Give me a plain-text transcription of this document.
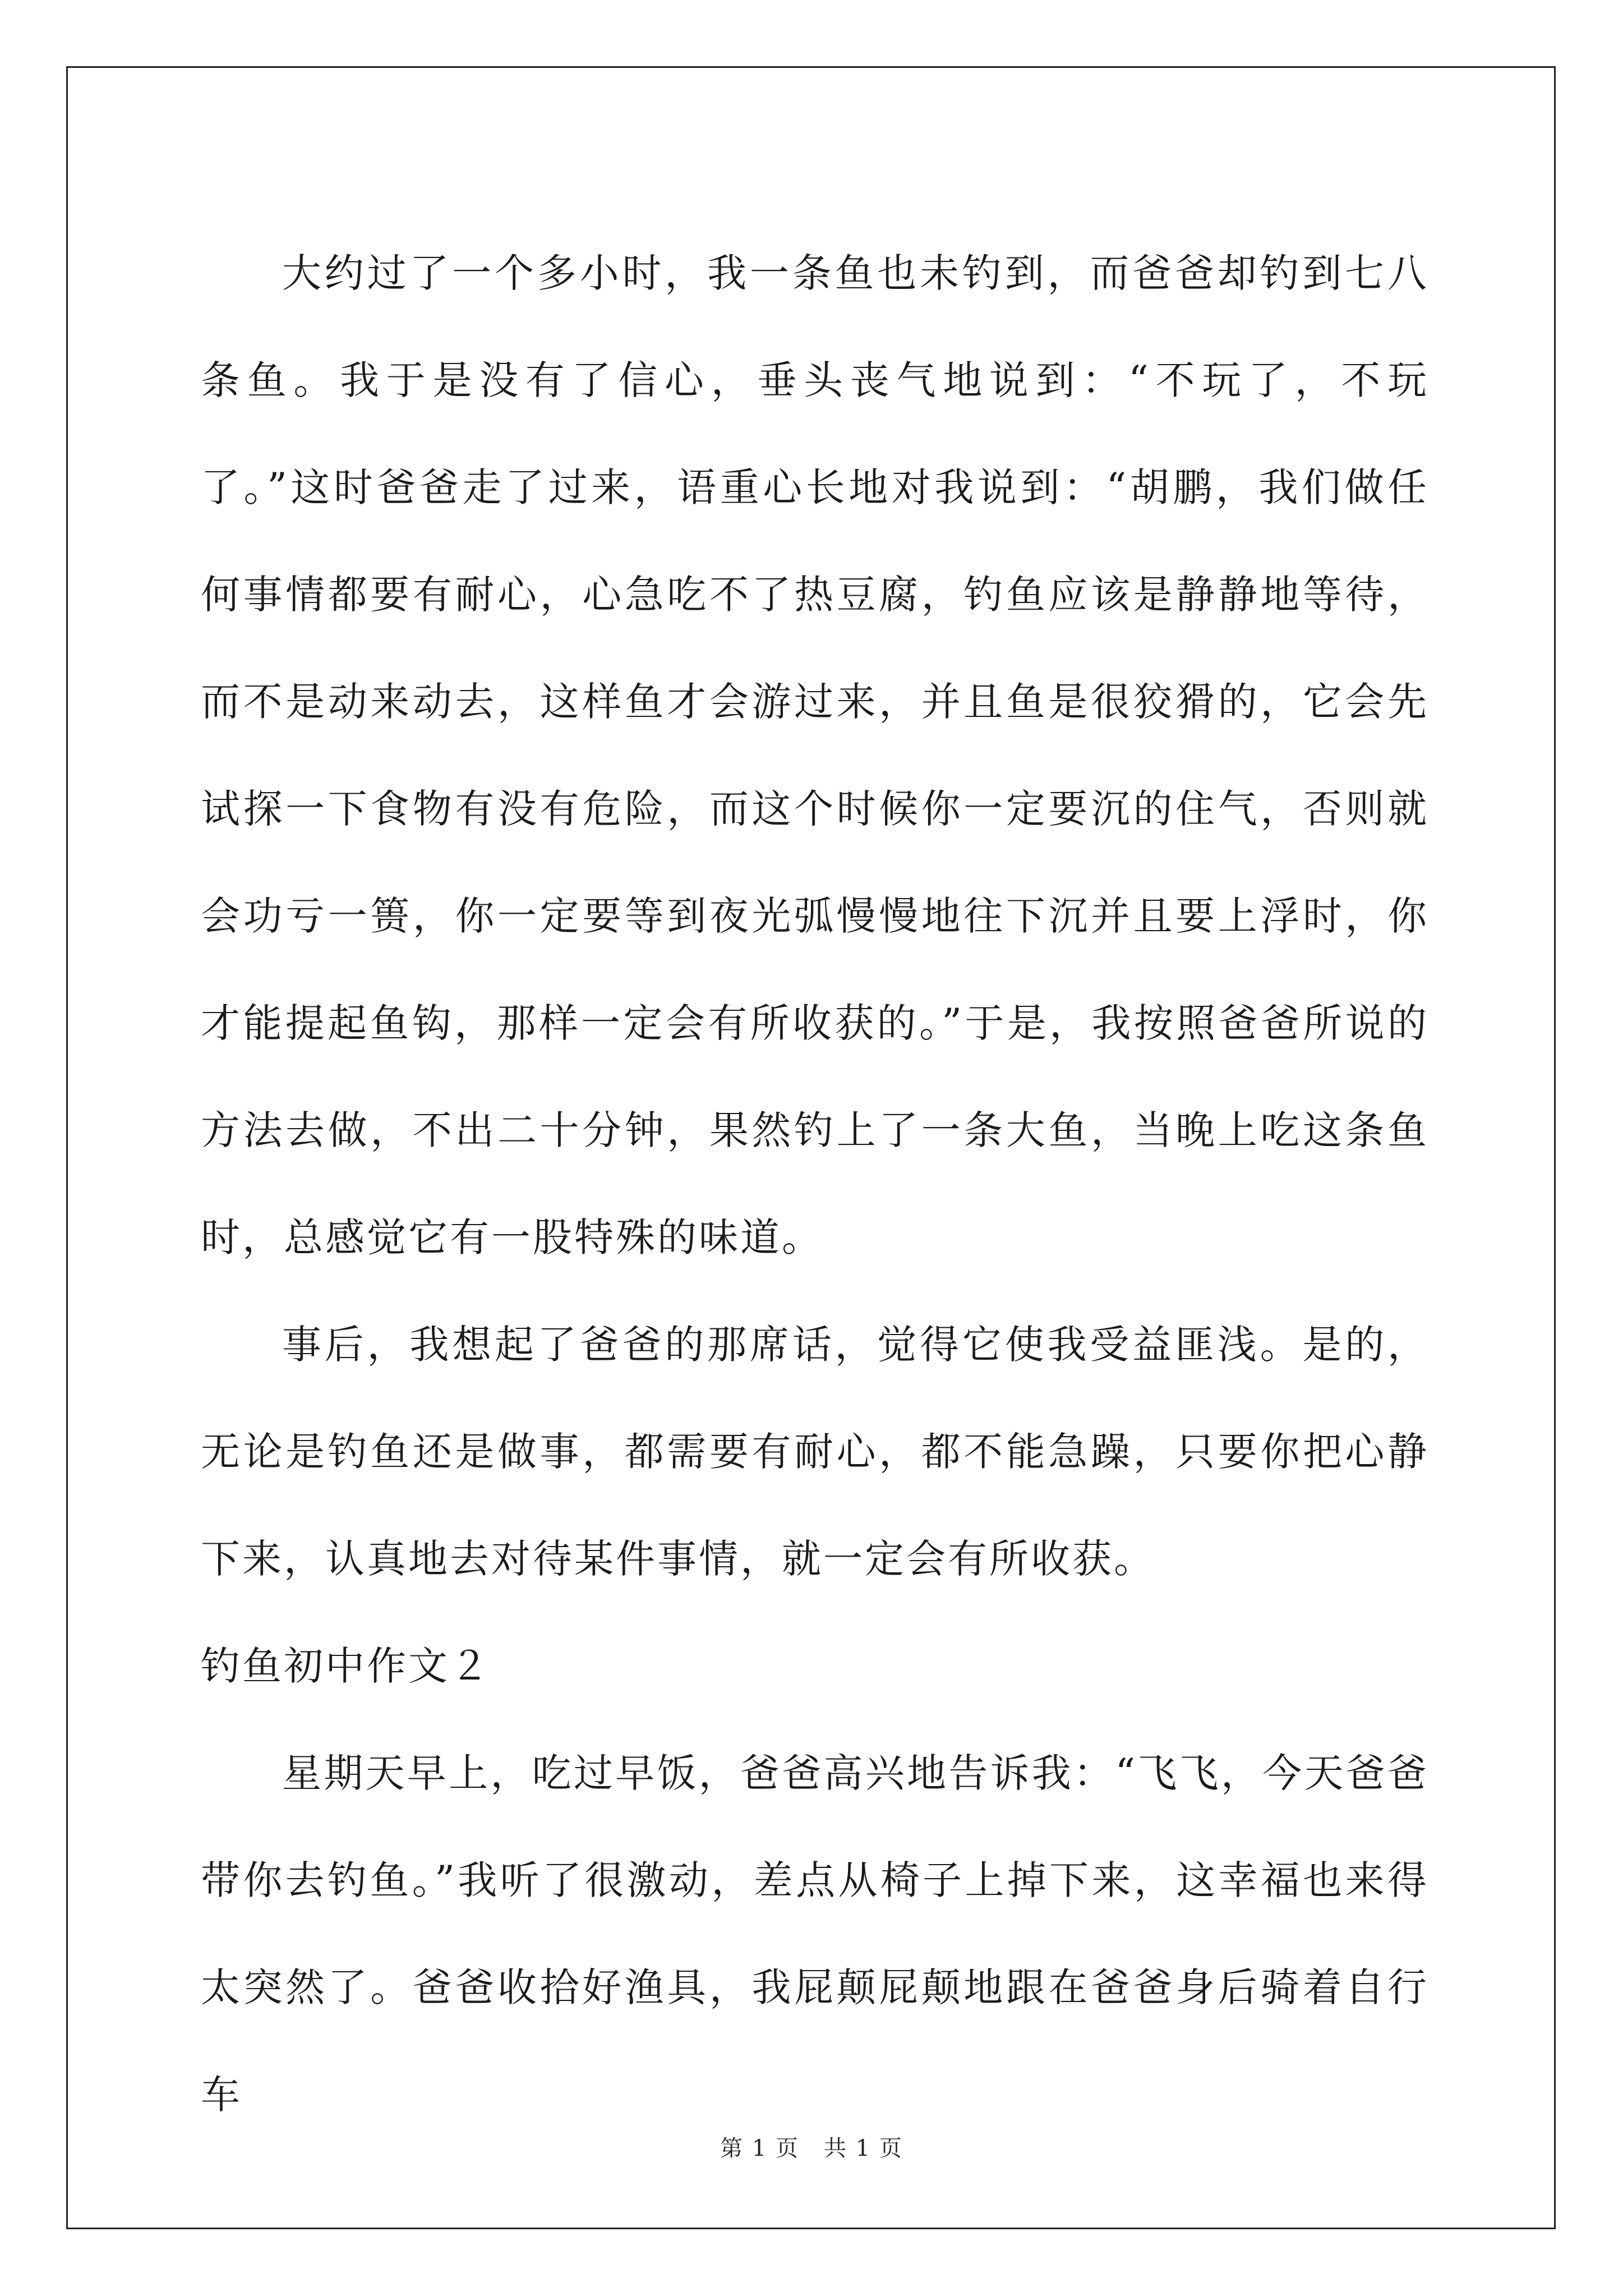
大约过了一个多小时，我一条鱼也未钓到，而爸爸却钓到七八条鱼。我于是没有了信心，垂头丧气地说到：“不玩了，不玩了。”这时爸爸走了过来，语重心长地对我说到：“胡鹏，我们做任何事情都要有耐心，心急吃不了热豆腐，钓鱼应该是静静地等待，而不是动来动去，这样鱼才会游过来，并且鱼是很狡猾的，它会先试探一下食物有没有危险，而这个时候你一定要沉的住气，否则就会功亏一篑，你一定要等到夜光弧慢慢地往下沉并且要上浮时，你才能提起鱼钩，那样一定会有所收获的。”于是，我按照爸爸所说的方法去做，不出二十分钟，果然钓上了一条大鱼，当晚上吃这条鱼时，总感觉它有一股特殊的味道。

事后，我想起了爸爸的那席话，觉得它使我受益匪浅。是的，无论是钓鱼还是做事，都需要有耐心，都不能急躁，只要你把心静下来，认真地去对待某件事情，就一定会有所收获。

钓鱼初中作文２

星期天早上，吃过早饭，爸爸高兴地告诉我：“飞飞，今天爸爸带你去钓鱼。”我听了很激动，差点从椅子上掉下来，这幸福也来得太突然了。爸爸收拾好渔具，我屁颠屁颠地跟在爸爸身后骑着自行车

第 1 页 共 1 页
